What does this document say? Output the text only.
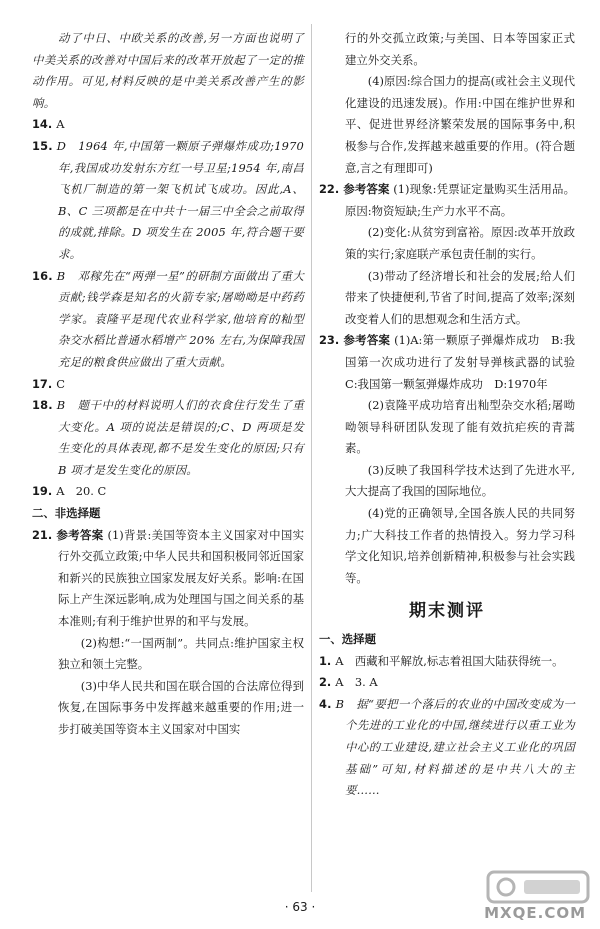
动了中日、中欧关系的改善,另一方面也说明了中美关系的改善对中国后来的改革开放起了一定的推动作用。可见,材料反映的是中美关系改善产生的影响。

14. A

15. D　1964 年,中国第一颗原子弹爆炸成功;1970 年,我国成功发射东方红一号卫星;1954 年,南昌飞机厂制造的第一架飞机试飞成功。因此,A、B、C 三项都是在中共十一届三中全会之前取得的成就,排除。D 项发生在 2005 年,符合题干要求。

16. B　邓稼先在“两弹一星”的研制方面做出了重大贡献;钱学森是知名的火箭专家;屠呦呦是中药药学家。袁隆平是现代农业科学家,他培育的籼型杂交水稻比普通水稻增产 20% 左右,为保障我国充足的粮食供应做出了重大贡献。

17. C

18. B　题干中的材料说明人们的衣食住行发生了重大变化。A 项的说法是错误的;C、D 两项是发生变化的具体表现,都不是发生变化的原因;只有 B 项才是发生变化的原因。

19. A　20. C

二、非选择题

21. 参考答案 (1)背景:美国等资本主义国家对中国实行外交孤立政策;中华人民共和国积极同邻近国家和新兴的民族独立国家发展友好关系。影响:在国际上产生深远影响,成为处理国与国之间关系的基本准则;有利于维护世界的和平与发展。

(2)构想:“一国两制”。共同点:维护国家主权独立和领土完整。

(3)中华人民共和国在联合国的合法席位得到恢复,在国际事务中发挥越来越重要的作用;进一步打破美国等资本主义国家对中国实

行的外交孤立政策;与美国、日本等国家正式建立外交关系。

(4)原因:综合国力的提高(或社会主义现代化建设的迅速发展)。作用:中国在维护世界和平、促进世界经济繁荣发展的国际事务中,积极参与合作,发挥越来越重要的作用。(符合题意,言之有理即可)

22. 参考答案 (1)现象:凭票证定量购买生活用品。原因:物资短缺;生产力水平不高。

(2)变化:从贫穷到富裕。原因:改革开放政策的实行;家庭联产承包责任制的实行。

(3)带动了经济增长和社会的发展;给人们带来了快捷便利,节省了时间,提高了效率;深刻改变着人们的思想观念和生活方式。

23. 参考答案 (1)A:第一颗原子弹爆炸成功　B:我国第一次成功进行了发射导弹核武器的试验　C:我国第一颗氢弹爆炸成功　D:1970年

(2)袁隆平成功培育出籼型杂交水稻;屠呦呦领导科研团队发现了能有效抗疟疾的青蒿素。

(3)反映了我国科学技术达到了先进水平,大大提高了我国的国际地位。

(4)党的正确领导,全国各族人民的共同努力;广大科技工作者的热情投入。努力学习科学文化知识,培养创新精神,积极参与社会实践等。

期末测评

一、选择题

1. A　西藏和平解放,标志着祖国大陆获得统一。

2. A　3. A

4. B　据“要把一个落后的农业的中国改变成为一个先进的工业化的中国,继续进行以重工业为中心的工业建设,建立社会主义工业化的巩固基础”可知,材料描述的是中共八大的主要……

· 63 ·	MXQE.COM
